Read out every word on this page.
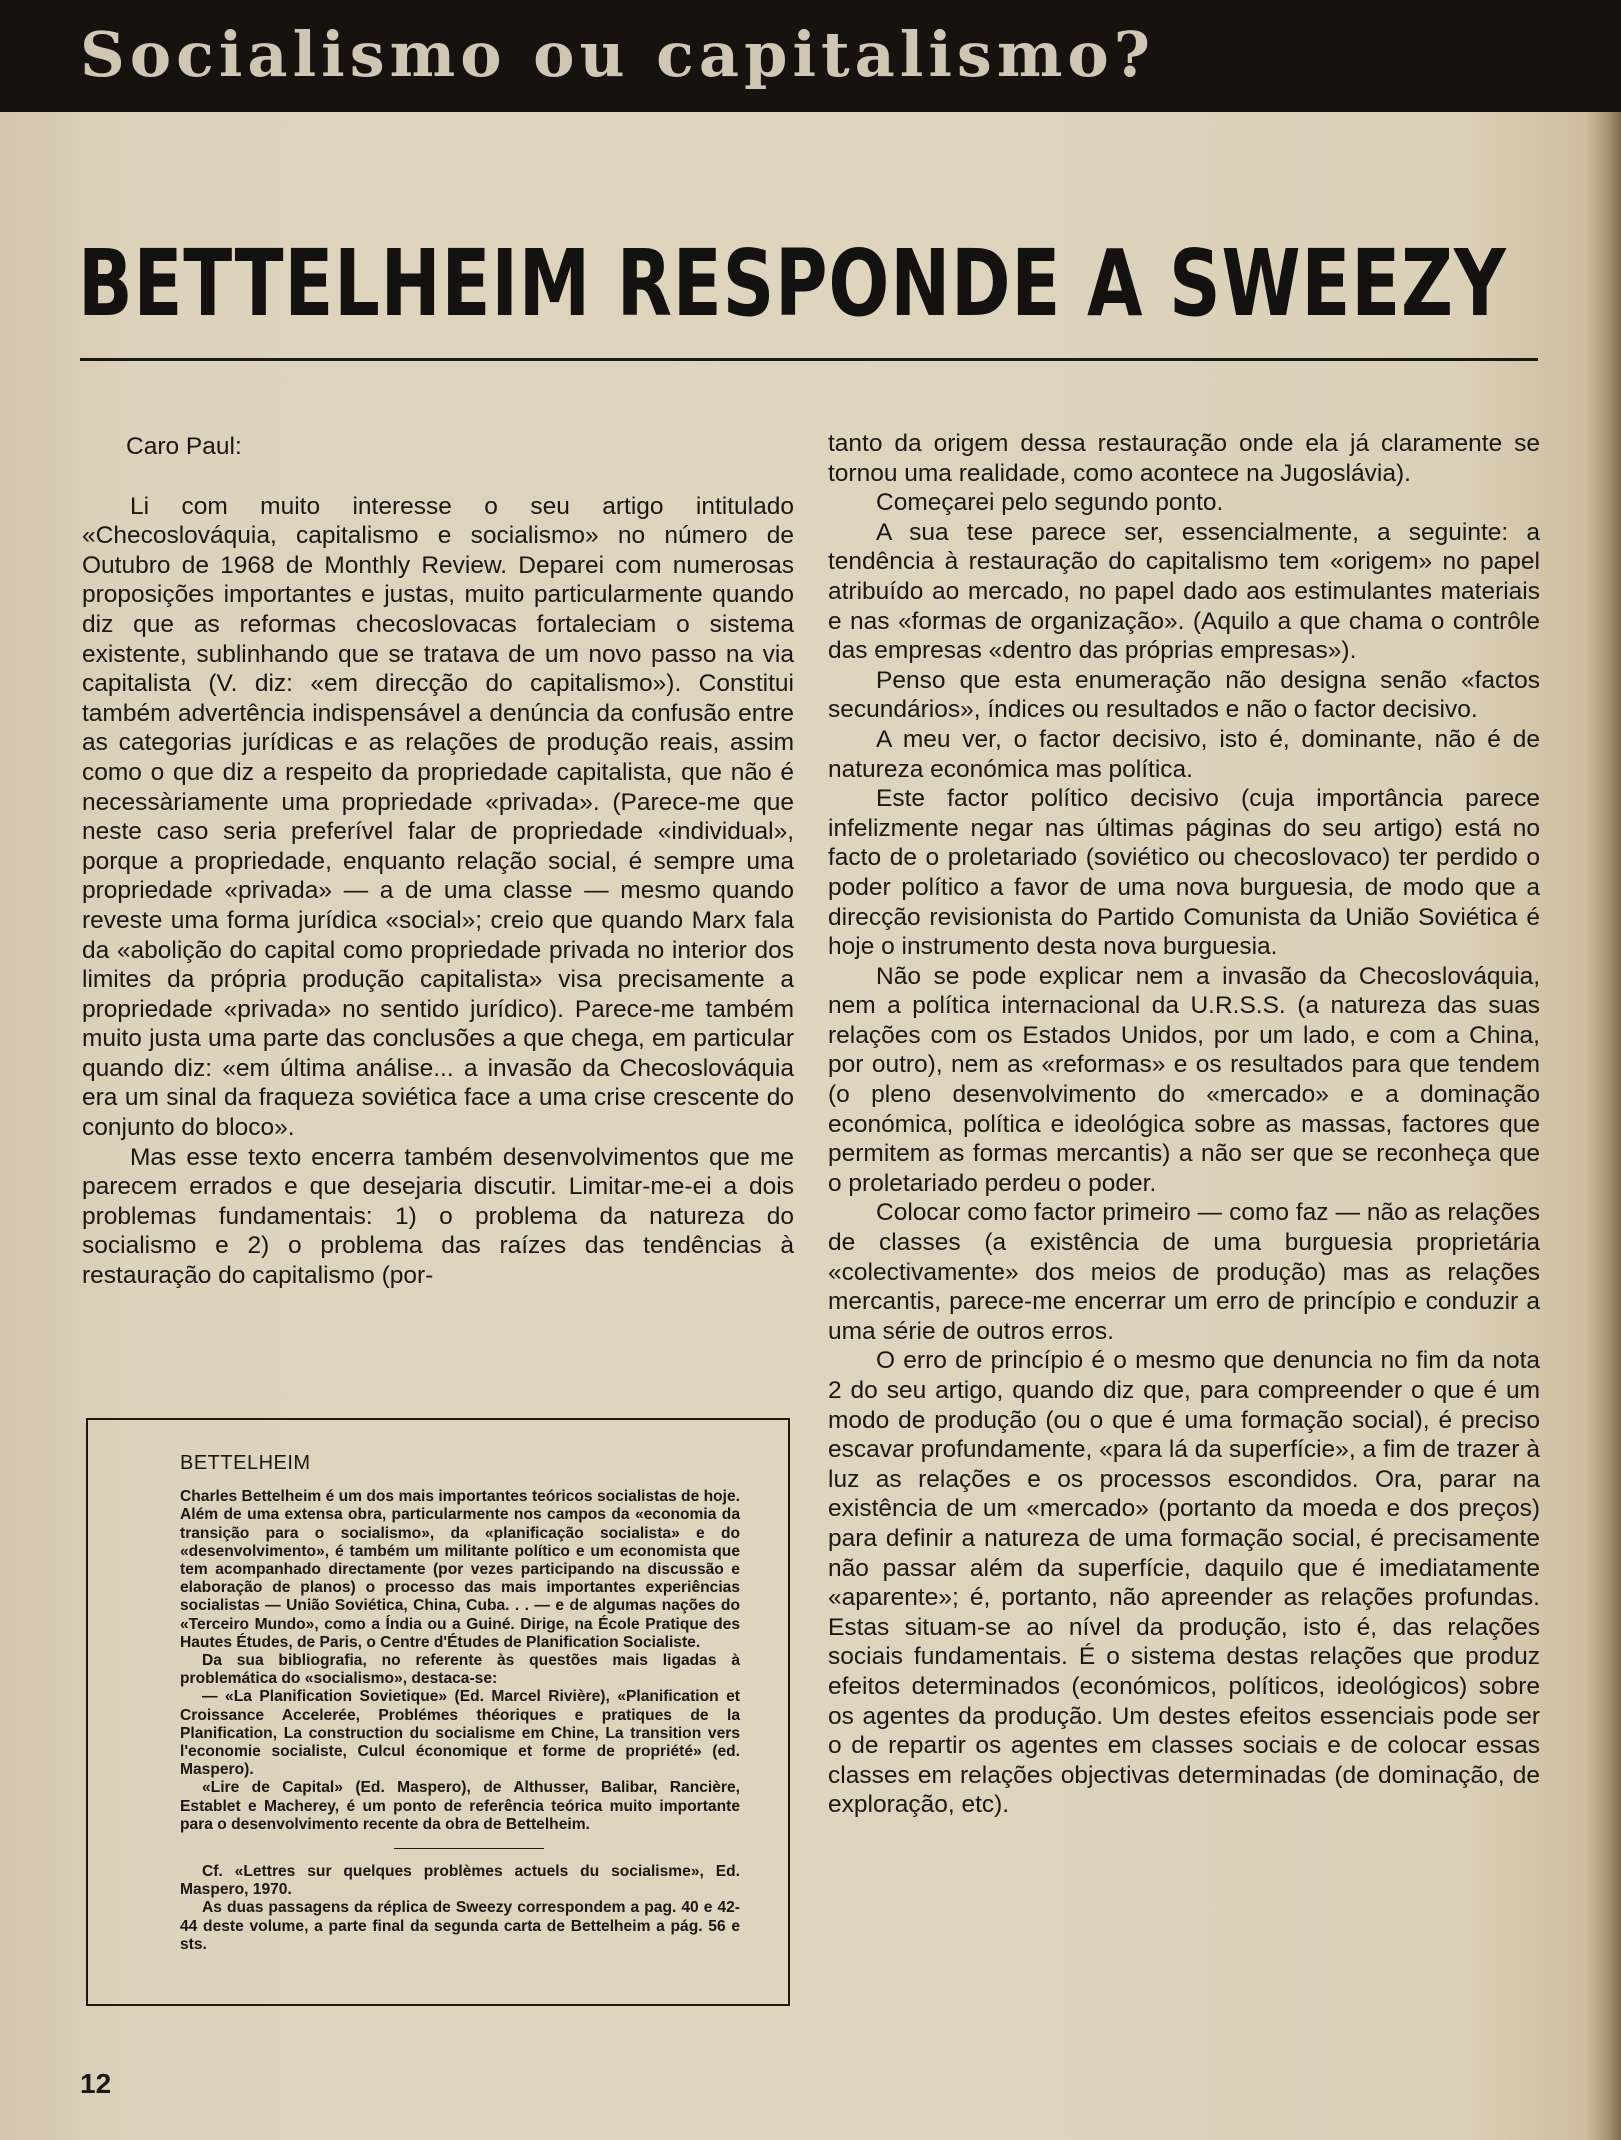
Socialismo ou capitalismo?
BETTELHEIM RESPONDE A SWEEZY

Caro Paul:

Li com muito interesse o seu artigo intitulado «Checoslováquia, capitalismo e socialismo» no número de Outubro de 1968 de Monthly Review. Deparei com numerosas proposições importantes e justas, muito particularmente quando diz que as reformas checoslovacas fortaleciam o sistema existente, sublinhando que se tratava de um novo passo na via capitalista (V. diz: «em direcção do capitalismo»). Constitui também advertência indispensável a denúncia da confusão entre as categorias jurídicas e as relações de produção reais, assim como o que diz a respeito da propriedade capitalista, que não é necessàriamente uma propriedade «privada». (Parece-me que neste caso seria preferível falar de propriedade «individual», porque a propriedade, enquanto relação social, é sempre uma propriedade «privada» — a de uma classe — mesmo quando reveste uma forma jurídica «social»; creio que quando Marx fala da «abolição do capital como propriedade privada no interior dos limites da própria produção capitalista» visa precisamente a propriedade «privada» no sentido jurídico). Parece-me também muito justa uma parte das conclusões a que chega, em particular quando diz: «em última análise... a invasão da Checoslováquia era um sinal da fraqueza soviética face a uma crise crescente do conjunto do bloco».

Mas esse texto encerra também desenvolvimentos que me parecem errados e que desejaria discutir. Limitar-me-ei a dois problemas fundamentais: 1) o problema da natureza do socialismo e 2) o problema das raízes das tendências à restauração do capitalismo (por-

tanto da origem dessa restauração onde ela já claramente se tornou uma realidade, como acontece na Jugoslávia).

Começarei pelo segundo ponto.

A sua tese parece ser, essencialmente, a seguinte: a tendência à restauração do capitalismo tem «origem» no papel atribuído ao mercado, no papel dado aos estimulantes materiais e nas «formas de organização». (Aquilo a que chama o contrôle das empresas «dentro das próprias empresas»).

Penso que esta enumeração não designa senão «factos secundários», índices ou resultados e não o factor decisivo.

A meu ver, o factor decisivo, isto é, dominante, não é de natureza económica mas política.

Este factor político decisivo (cuja importância parece infelizmente negar nas últimas páginas do seu artigo) está no facto de o proletariado (soviético ou checoslovaco) ter perdido o poder político a favor de uma nova burguesia, de modo que a direcção revisionista do Partido Comunista da União Soviética é hoje o instrumento desta nova burguesia.

Não se pode explicar nem a invasão da Checoslováquia, nem a política internacional da U.R.S.S. (a natureza das suas relações com os Estados Unidos, por um lado, e com a China, por outro), nem as «reformas» e os resultados para que tendem (o pleno desenvolvimento do «mercado» e a dominação económica, política e ideológica sobre as massas, factores que permitem as formas mercantis) a não ser que se reconheça que o proletariado perdeu o poder.

Colocar como factor primeiro — como faz — não as relações de classes (a existência de uma burguesia proprietária «colectivamente» dos meios de produção) mas as relações mercantis, parece-me encerrar um erro de princípio e conduzir a uma série de outros erros.

O erro de princípio é o mesmo que denuncia no fim da nota 2 do seu artigo, quando diz que, para compreender o que é um modo de produção (ou o que é uma formação social), é preciso escavar profundamente, «para lá da superfície», a fim de trazer à luz as relações e os processos escondidos. Ora, parar na existência de um «mercado» (portanto da moeda e dos preços) para definir a natureza de uma formação social, é precisamente não passar além da superfície, daquilo que é imediatamente «aparente»; é, portanto, não apreender as relações profundas. Estas situam-se ao nível da produção, isto é, das relações sociais fundamentais. É o sistema destas relações que produz efeitos determinados (económicos, políticos, ideológicos) sobre os agentes da produção. Um destes efeitos essenciais pode ser o de repartir os agentes em classes sociais e de colocar essas classes em relações objectivas determinadas (de dominação, de exploração, etc).

BETTELHEIM

Charles Bettelheim é um dos mais importantes teóricos socialistas de hoje. Além de uma extensa obra, particularmente nos campos da «economia da transição para o socialismo», da «planificação socialista» e do «desenvolvimento», é também um militante político e um economista que tem acompanhado directamente (por vezes participando na discussão e elaboração de planos) o processo das mais importantes experiências socialistas — União Soviética, China, Cuba. . . — e de algumas nações do «Terceiro Mundo», como a Índia ou a Guiné. Dirige, na École Pratique des Hautes Études, de Paris, o Centre d'Études de Planification Socialiste.

Da sua bibliografia, no referente às questões mais ligadas à problemática do «socialismo», destaca-se:

— «La Planification Sovietique» (Ed. Marcel Rivière), «Planification et Croissance Accelerée, Problémes théoriques e pratiques de la Planification, La construction du socialisme em Chine, La transition vers l'economie socialiste, Culcul économique et forme de propriété» (ed. Maspero).

«Lire de Capital» (Ed. Maspero), de Althusser, Balibar, Rancière, Establet e Macherey, é um ponto de referência teórica muito importante para o desenvolvimento recente da obra de Bettelheim.

Cf. «Lettres sur quelques problèmes actuels du socialisme», Ed. Maspero, 1970.

As duas passagens da réplica de Sweezy correspondem a pag. 40 e 42-44 deste volume, a parte final da segunda carta de Bettelheim a pág. 56 e sts.

12
